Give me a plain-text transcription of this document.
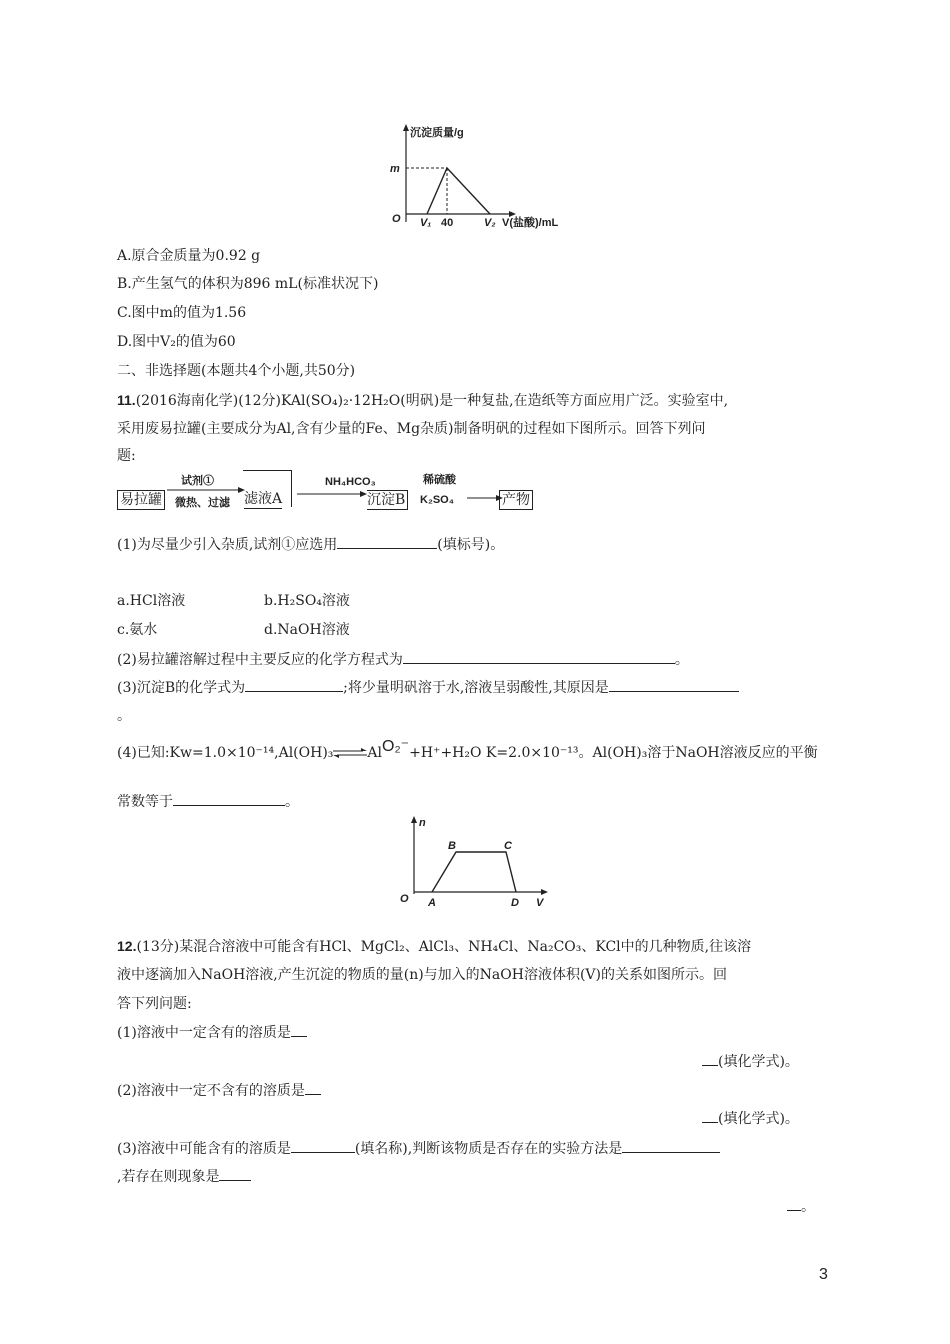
沉淀质量/g
O
m
V₁ 40	V₂ V(盐酸)/mL
A.原合金质量为0.92 g
B.产生氢气的体积为896 mL(标准状况下)
C.图中m的值为1.56
D.图中V₂的值为60
二、非选择题(本题共4个小题,共50分)
11.(2016海南化学)(12分)KAl(SO₄)₂·12H₂O(明矾)是一种复盐,在造纸等方面应用广泛。实验室中,
采用废易拉罐(主要成分为Al,含有少量的Fe、Mg杂质)制备明矾的过程如下图所示。回答下列问
题:
易拉罐
试剂①
微热、过滤 滤液A
NH₄HCO₃
沉淀B
稀硫酸
K₂SO₄	产物
(1)为尽量少引入杂质,试剂①应选用	(填标号)。
a.HCl溶液	b.H₂SO₄溶液
c.氨水	d.NaOH溶液
(2)易拉罐溶解过程中主要反应的化学方程式为	。
(3)沉淀B的化学式为	;将少量明矾溶于水,溶液呈弱酸性,其原因是
。
(4)已知:Kw=1.0×10⁻¹⁴,Al(OH)₃⇌AlO₂⁻+H⁺+H₂O K=2.0×10⁻¹³。Al(OH)₃溶于NaOH溶液反应的平衡
常数等于	。
n
O A
B	C
D V
12.(13分)某混合溶液中可能含有HCl、MgCl₂、AlCl₃、NH₄Cl、Na₂CO₃、KCl中的几种物质,往该溶
液中逐滴加入NaOH溶液,产生沉淀的物质的量(n)与加入的NaOH溶液体积(V)的关系如图所示。回
答下列问题:
(1)溶液中一定含有的溶质是
(填化学式)。
(2)溶液中一定不含有的溶质是
(填化学式)。
(3)溶液中可能含有的溶质是	(填名称),判断该物质是否存在的实验方法是
,若存在则现象是
。
3
